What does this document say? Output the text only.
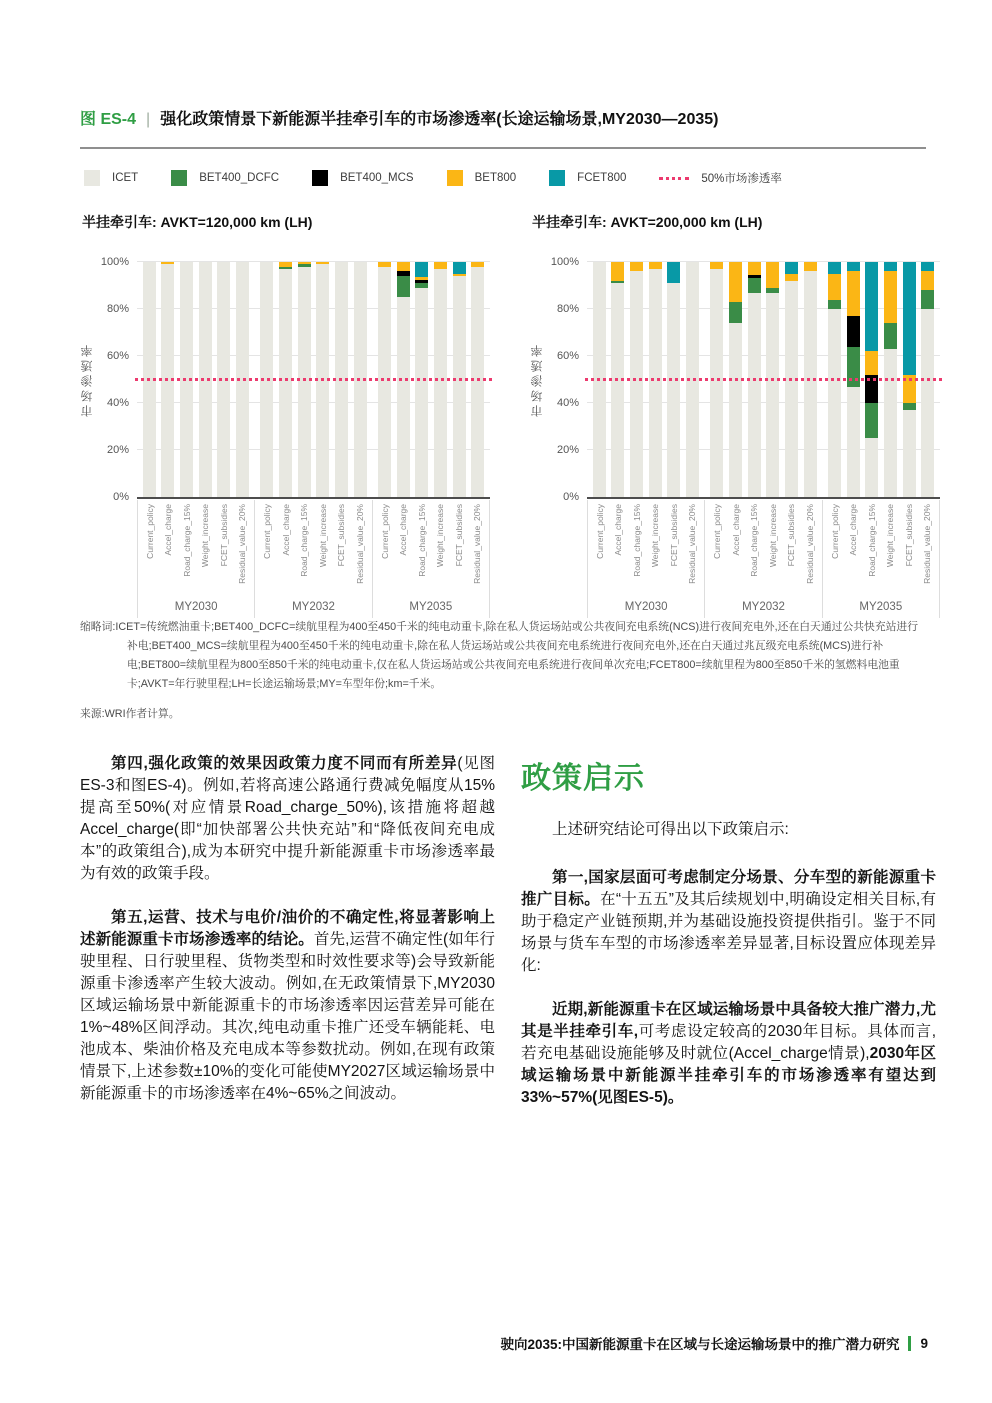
图 ES-4 | 强化政策情景下新能源半挂牵引车的市场渗透率(长途运输场景,MY2030—2035)
ICET	BET400_DCFC	BET400_MCS	BET800	FCET800	50%市场渗透率
半挂牵引车: AVKT=120,000 km (LH)
市场渗透率
0%
20%
40%
60%
80%
100%
Current_policy Accel_charge Road_charge_15% Weight_increase FCET_subsidies Residual_value_20%
MY2030
Current_policy Accel_charge Road_charge_15% Weight_increase FCET_subsidies Residual_value_20%
MY2032
Current_policy Accel_charge Road_charge_15% Weight_increase FCET_subsidies Residual_value_20%
MY2035
半挂牵引车: AVKT=200,000 km (LH)
市场渗透率
0%
20%
40%
60%
80%
100%
Current_policy Accel_charge Road_charge_15% Weight_increase FCET_subsidies Residual_value_20%
MY2030
Current_policy Accel_charge Road_charge_15% Weight_increase FCET_subsidies Residual_value_20%
MY2032
Current_policy Accel_charge Road_charge_15% Weight_increase FCET_subsidies Residual_value_20%
MY2035

缩略词:ICET=传统燃油重卡;BET400_DCFC=续航里程为400至450千米的纯电动重卡,除在私人货运场站或公共夜间充电系统(NCS)进行夜间充电外,还在白天通过公共快充站进行补电;BET400_MCS=续航里程为400至450千米的纯电动重卡,除在私人货运场站或公共夜间充电系统进行夜间充电外,还在白天通过兆瓦级充电系统(MCS)进行补电;BET800=续航里程为800至850千米的纯电动重卡,仅在私人货运场站或公共夜间充电系统进行夜间单次充电;FCET800=续航里程为800至850千米的氢燃料电池重卡;AVKT=年行驶里程;LH=长途运输场景;MY=车型年份;km=千米。

来源:WRI作者计算。

第四,强化政策的效果因政策力度不同而有所差异(见图ES-3和图ES-4)。例如,若将高速公路通行费减免幅度从15%提高至50%(对应情景Road_charge_50%),该措施将超越Accel_charge(即“加快部署公共快充站”和“降低夜间充电成本”的政策组合),成为本研究中提升新能源重卡市场渗透率最为有效的政策手段。

第五,运营、技术与电价/油价的不确定性,将显著影响上述新能源重卡市场渗透率的结论。首先,运营不确定性(如年行驶里程、日行驶里程、货物类型和时效性要求等)会导致新能源重卡渗透率产生较大波动。例如,在无政策情景下,MY2030区域运输场景中新能源重卡的市场渗透率因运营差异可能在1%~48%区间浮动。其次,纯电动重卡推广还受车辆能耗、电池成本、柴油价格及充电成本等参数扰动。例如,在现有政策情景下,上述参数±10%的变化可能使MY2027区域运输场景中新能源重卡的市场渗透率在4%~65%之间波动。

政策启示

上述研究结论可得出以下政策启示:

第一,国家层面可考虑制定分场景、分车型的新能源重卡推广目标。在“十五五”及其后续规划中,明确设定相关目标,有助于稳定产业链预期,并为基础设施投资提供指引。鉴于不同场景与货车车型的市场渗透率差异显著,目标设置应体现差异化:

近期,新能源重卡在区域运输场景中具备较大推广潜力,尤其是半挂牵引车,可考虑设定较高的2030年目标。具体而言,若充电基础设施能够及时就位(Accel_charge情景),2030年区域运输场景中新能源半挂牵引车的市场渗透率有望达到33%~57%(见图ES-5)。

驶向2035:中国新能源重卡在区域与长途运输场景中的推广潜力研究 9
